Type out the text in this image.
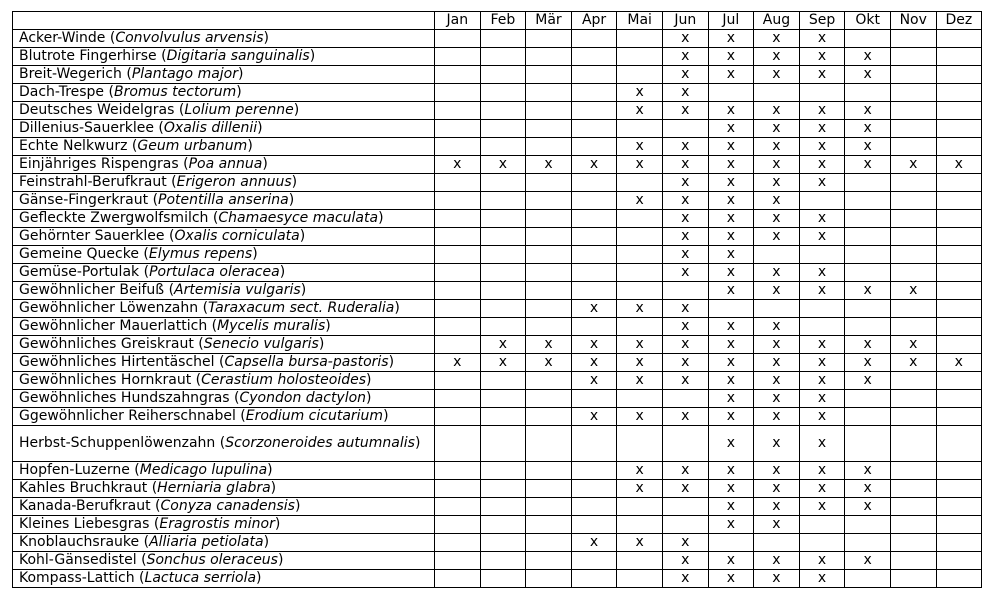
	Jan	Feb	Mär	Apr	Mai	Jun	Jul	Aug	Sep	Okt	Nov	Dez
Acker-Winde (Convolvulus arvensis)						x	x	x	x			
Blutrote Fingerhirse (Digitaria sanguinalis)						x	x	x	x	x		
Breit-Wegerich (Plantago major)						x	x	x	x	x		
Dach-Trespe (Bromus tectorum)					x	x						
Deutsches Weidelgras (Lolium perenne)					x	x	x	x	x	x		
Dillenius-Sauerklee (Oxalis dillenii)							x	x	x	x		
Echte Nelkwurz (Geum urbanum)					x	x	x	x	x	x		
Einjähriges Rispengras (Poa annua)	x	x	x	x	x	x	x	x	x	x	x	x
Feinstrahl-Berufkraut (Erigeron annuus)						x	x	x	x			
Gänse-Fingerkraut (Potentilla anserina)					x	x	x	x				
Gefleckte Zwergwolfsmilch (Chamaesyce maculata)						x	x	x	x			
Gehörnter Sauerklee (Oxalis corniculata)						x	x	x	x			
Gemeine Quecke (Elymus repens)						x	x					
Gemüse-Portulak (Portulaca oleracea)						x	x	x	x			
Gewöhnlicher Beifuß (Artemisia vulgaris)							x	x	x	x	x	
Gewöhnlicher Löwenzahn (Taraxacum sect. Ruderalia)				x	x	x						
Gewöhnlicher Mauerlattich (Mycelis muralis)						x	x	x				
Gewöhnliches Greiskraut (Senecio vulgaris)		x	x	x	x	x	x	x	x	x	x	
Gewöhnliches Hirtentäschel (Capsella bursa-pastoris)	x	x	x	x	x	x	x	x	x	x	x	x
Gewöhnliches Hornkraut (Cerastium holosteoides)				x	x	x	x	x	x	x		
Gewöhnliches Hundszahngras (Cyondon dactylon)							x	x	x			
Ggewöhnlicher Reiherschnabel (Erodium cicutarium)				x	x	x	x	x	x			
Herbst-Schuppenlöwenzahn (Scorzoneroides autumnalis)							x	x	x			
Hopfen-Luzerne (Medicago lupulina)					x	x	x	x	x	x		
Kahles Bruchkraut (Herniaria glabra)					x	x	x	x	x	x		
Kanada-Berufkraut (Conyza canadensis)							x	x	x	x		
Kleines Liebesgras (Eragrostis minor)							x	x				
Knoblauchsrauke (Alliaria petiolata)				x	x	x						
Kohl-Gänsedistel (Sonchus oleraceus)						x	x	x	x	x		
Kompass-Lattich (Lactuca serriola)						x	x	x	x			
